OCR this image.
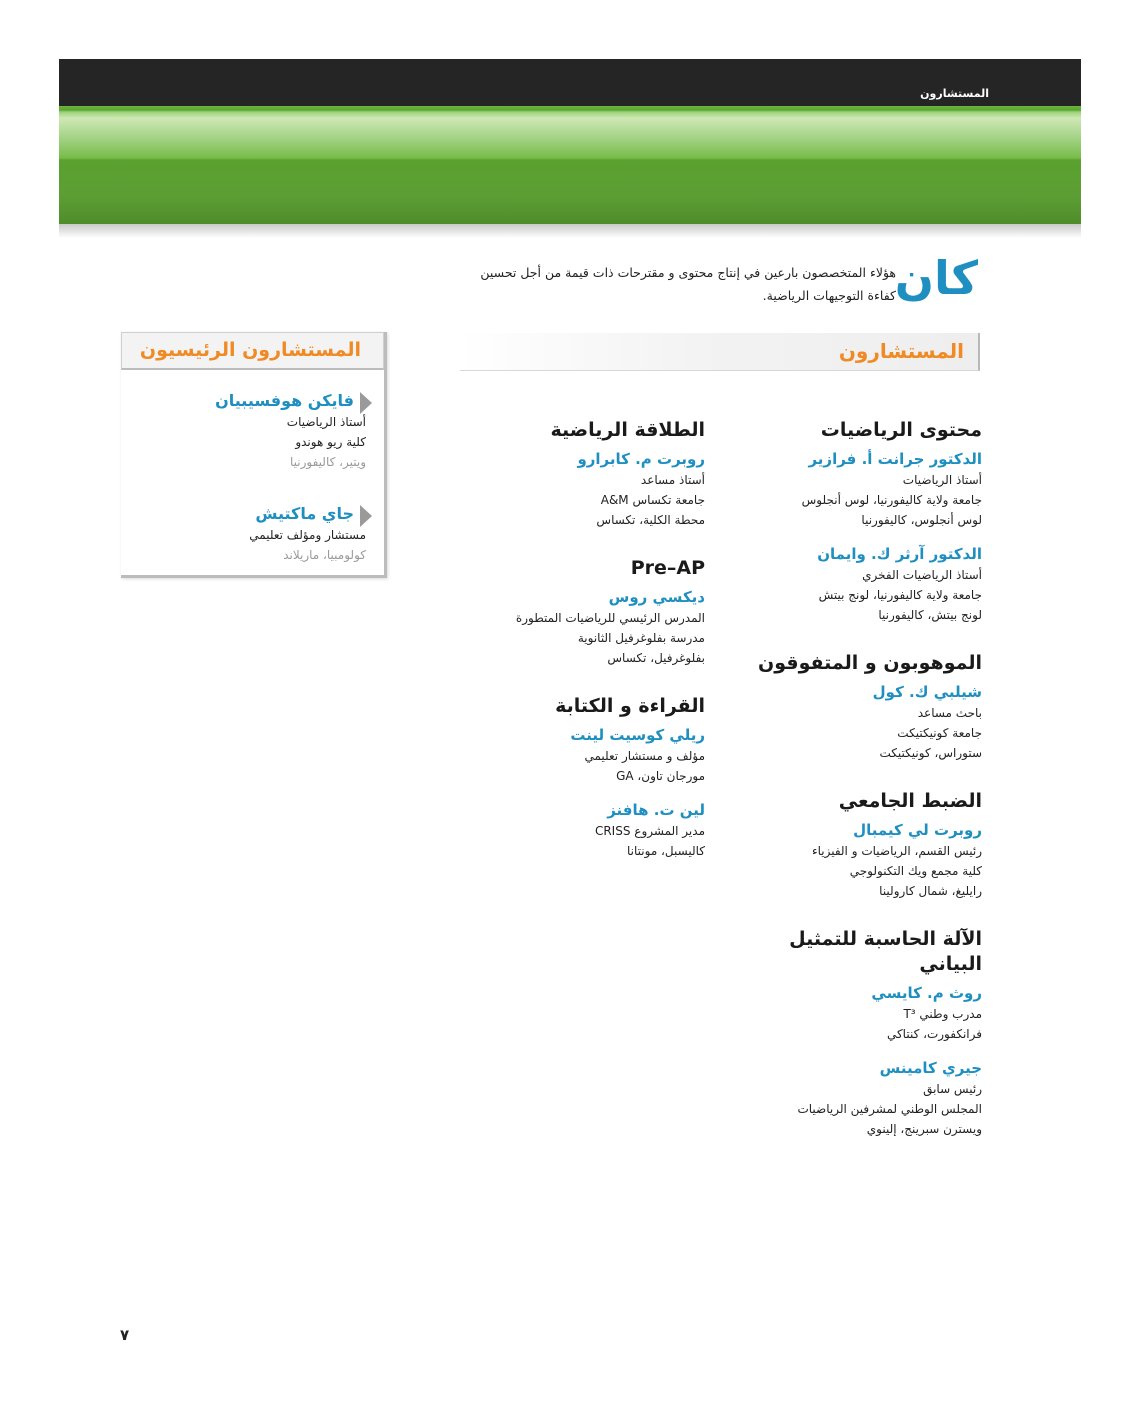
المستشارون
كان
هؤلاء المتخصصون بارعين في إنتاج محتوى و مقترحات ذات قيمة من أجل تحسين كفاءة التوجيهات الرياضية.
المستشارون
محتوى الرياضيات
الدكتور جرانت أ. فرازير
أستاذ الرياضيات
جامعة ولاية كاليفورنيا، لوس أنجلوس
لوس أنجلوس، كاليفورنيا
الدكتور آرثر ك. وايمان
أستاذ الرياضيات الفخري
جامعة ولاية كاليفورنيا، لونج بيتش
لونج بيتش، كاليفورنيا
الموهوبون و المتفوقون
شيلبي ك. كول
باحث مساعد
جامعة كونيكتيكت
ستوراس، كونيكتيكت
الضبط الجامعي
روبرت لي كيمبال
رئيس القسم، الرياضيات و الفيزياء
كلية مجمع ويك التكنولوجي
رايليغ، شمال كارولينا
الآلة الحاسبة للتمثيل البياني
روث م. كايسي
مدرب وطني T³
فرانكفورت، كنتاكي
جيري كامينس
رئيس سابق
المجلس الوطني لمشرفين الرياضيات
ويسترن سبرينج، إلينوي
الطلاقة الرياضية
روبرت م. كابرارو
أستاذ مساعد
جامعة تكساس A&M
محطة الكلية، تكساس
Pre–AP
ديكسي روس
المدرس الرئيسي للرياضيات المتطورة
مدرسة بفلوغرفيل الثانوية
بفلوغرفيل، تكساس
القراءة و الكتابة
ريلي كوسيت لينت
مؤلف و مستشار تعليمي
مورجان تاون، GA
لين ت. هافنز
مدير المشروع CRISS
كاليسبل، مونتانا
المستشارون الرئيسيون
فايكن هوفسيبيان
أستاذ الرياضيات
كلية ريو هوندو
ويتير، كاليفورنيا
جاي ماكتيش
مستشار ومؤلف تعليمي
كولومبيا، ماريلاند
٧
